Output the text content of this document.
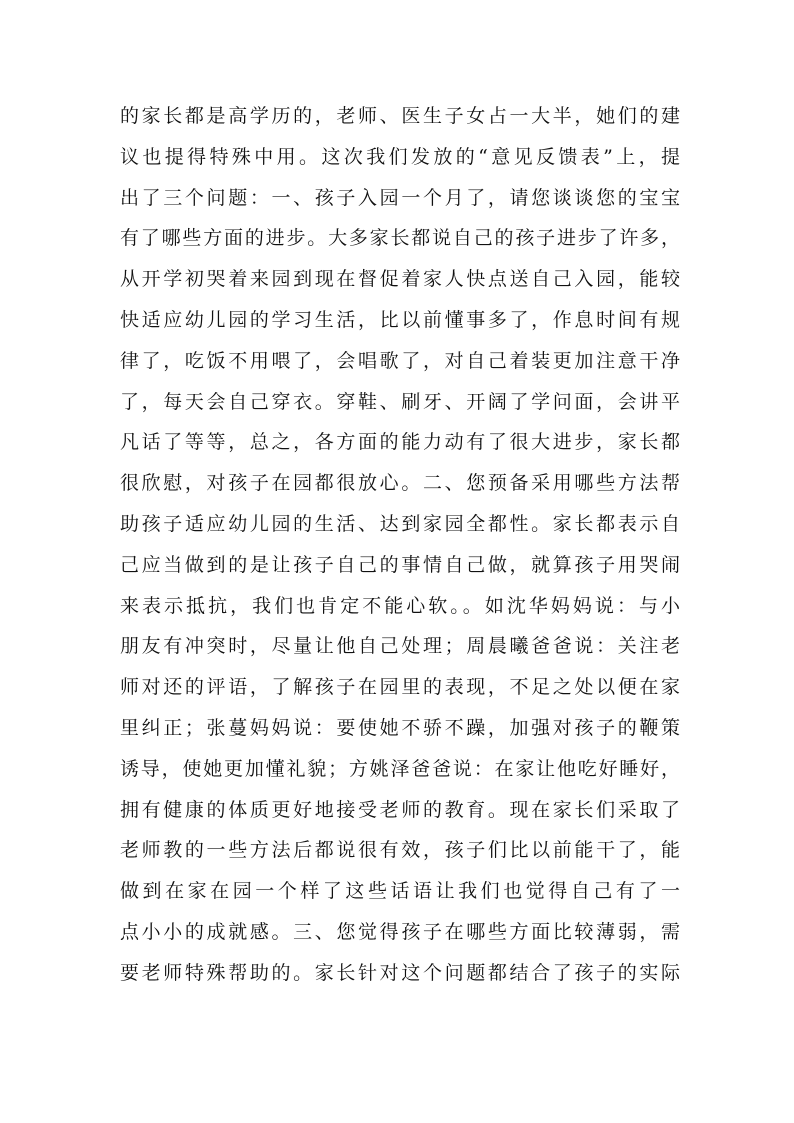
的家长都是高学历的，老师、医生子女占一大半，她们的建
议也提得特殊中用。这次我们发放的“意见反馈表”上，提
出了三个问题：一、孩子入园一个月了，请您谈谈您的宝宝
有了哪些方面的进步。大多家长都说自己的孩子进步了许多，
从开学初哭着来园到现在督促着家人快点送自己入园，能较
快适应幼儿园的学习生活，比以前懂事多了，作息时间有规
律了，吃饭不用喂了，会唱歌了，对自己着装更加注意干净
了，每天会自己穿衣。穿鞋、刷牙、开阔了学问面，会讲平
凡话了等等，总之，各方面的能力动有了很大进步，家长都
很欣慰，对孩子在园都很放心。二、您预备采用哪些方法帮
助孩子适应幼儿园的生活、达到家园全都性。家长都表示自
己应当做到的是让孩子自己的事情自己做，就算孩子用哭闹
来表示抵抗，我们也肯定不能心软。。如沈华妈妈说：与小
朋友有冲突时，尽量让他自己处理；周晨曦爸爸说：关注老
师对还的评语，了解孩子在园里的表现，不足之处以便在家
里纠正；张蔓妈妈说：要使她不骄不躁，加强对孩子的鞭策
诱导，使她更加懂礼貌；方姚泽爸爸说：在家让他吃好睡好，
拥有健康的体质更好地接受老师的教育。现在家长们采取了
老师教的一些方法后都说很有效，孩子们比以前能干了，能
做到在家在园一个样了这些话语让我们也觉得自己有了一
点小小的成就感。三、您觉得孩子在哪些方面比较薄弱，需
要老师特殊帮助的。家长针对这个问题都结合了孩子的实际
